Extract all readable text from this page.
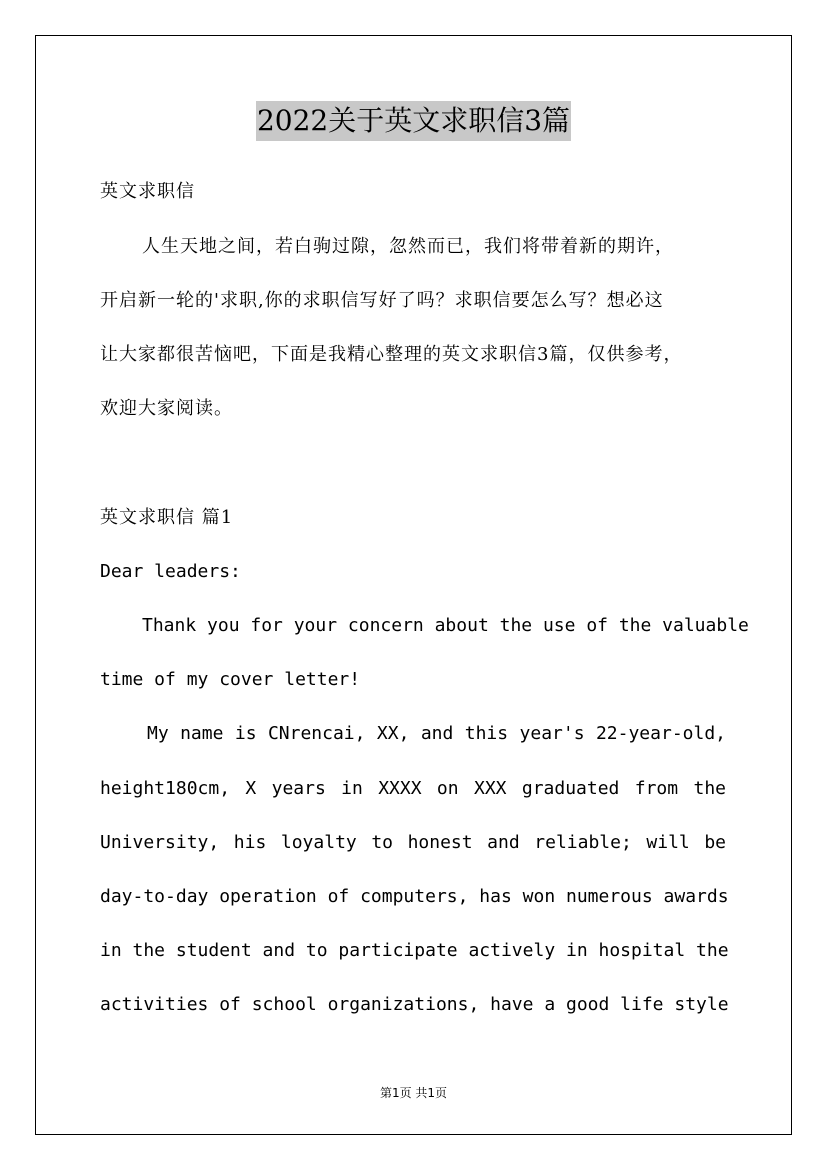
2022关于英文求职信3篇
英文求职信
人生天地之间，若白驹过隙，忽然而已，我们将带着新的期许，
开启新一轮的'求职,你的求职信写好了吗？求职信要怎么写？想必这
让大家都很苦恼吧，下面是我精心整理的英文求职信3篇，仅供参考，
欢迎大家阅读。
英文求职信 篇1
Dear leaders:
Thank you for your concern about the use of the valuable
time of my cover letter!
My name is CNrencai, XX, and this year's 22-year-old,
height180cm, X years in XXXX on XXX graduated from the
University, his loyalty to honest and reliable; will be
day-to-day operation of computers, has won numerous awards
in the student and to participate actively in hospital the
activities of school organizations, have a good life style
第1页 共1页
